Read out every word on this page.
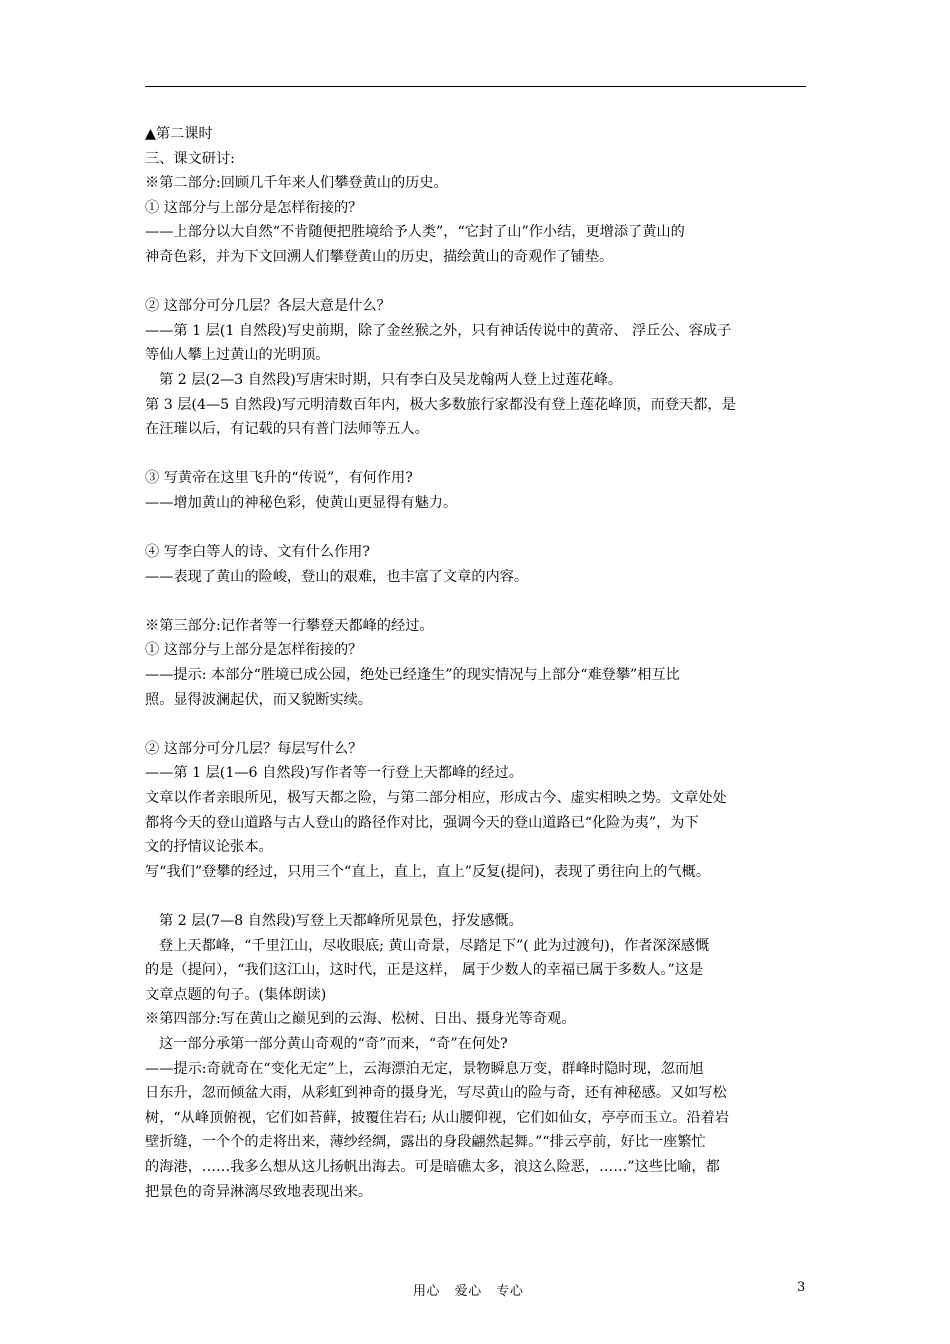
▲第二课时

三、课文研讨:

※第二部分:回顾几千年来人们攀登黄山的历史。

① 这部分与上部分是怎样衔接的？

——上部分以大自然“不肯随便把胜境给予人类”，“它封了山”作小结，更增添了黄山的

神奇色彩，并为下文回溯人们攀登黄山的历史，描绘黄山的奇观作了铺垫。

② 这部分可分几层？各层大意是什么？

——第 1 层(1 自然段)写史前期，除了金丝猴之外，只有神话传说中的黄帝、 浮丘公、容成子

等仙人攀上过黄山的光明顶。

第 2 层(2—3 自然段)写唐宋时期，只有李白及吴龙翰两人登上过莲花峰。

第 3 层(4—5 自然段)写元明清数百年内，极大多数旅行家都没有登上莲花峰顶，而登天都，是

在汪璀以后，有记载的只有普门法师等五人。

③ 写黄帝在这里飞升的“传说”，有何作用?

——增加黄山的神秘色彩，使黄山更显得有魅力。

④ 写李白等人的诗、文有什么作用?

——表现了黄山的险峻，登山的艰难，也丰富了文章的内容。

※第三部分:记作者等一行攀登天都峰的经过。

① 这部分与上部分是怎样衔接的？

——提示: 本部分“胜境已成公园，绝处已经逢生”的现实情况与上部分“难登攀”相互比

照。显得波澜起伏，而又貌断实续。

② 这部分可分几层？每层写什么？

——第 1 层(1—6 自然段)写作者等一行登上天都峰的经过。

文章以作者亲眼所见，极写天都之险，与第二部分相应，形成古今、虚实相映之势。文章处处

都将今天的登山道路与古人登山的路径作对比，强调今天的登山道路已“化险为夷”，为下

文的抒情议论张本。

写“我们”登攀的经过，只用三个“直上，直上，直上”反复(提问)，表现了勇往向上的气概。

第 2 层(7—8 自然段)写登上天都峰所见景色，抒发感慨。

登上天都峰，“千里江山，尽收眼底; 黄山奇景，尽踏足下”( 此为过渡句)，作者深深感慨

的是（提问），“我们这江山，这时代，正是这样， 属于少数人的幸福已属于多数人。”这是

文章点题的句子。(集体朗读)

※第四部分:写在黄山之巅见到的云海、松树、日出、摄身光等奇观。

这一部分承第一部分黄山奇观的“奇”而来，“奇”在何处?

——提示:奇就奇在“变化无定”上，云海漂泊无定，景物瞬息万变，群峰时隐时现，忽而旭

日东升，忽而倾盆大雨，从彩虹到神奇的摄身光，写尽黄山的险与奇，还有神秘感。又如写松

树，“从峰顶俯视，它们如苔藓，披覆住岩石; 从山腰仰视，它们如仙女，亭亭而玉立。沿着岩

壁折缝，一个个的走将出来，薄纱经绸，露出的身段翩然起舞。”“排云亭前，好比一座繁忙

的海港，……我多么想从这儿扬帆出海去。可是暗礁太多，浪这么险恶，……”这些比喻，都

把景色的奇异淋漓尽致地表现出来。

用心 爱心 专心	3
